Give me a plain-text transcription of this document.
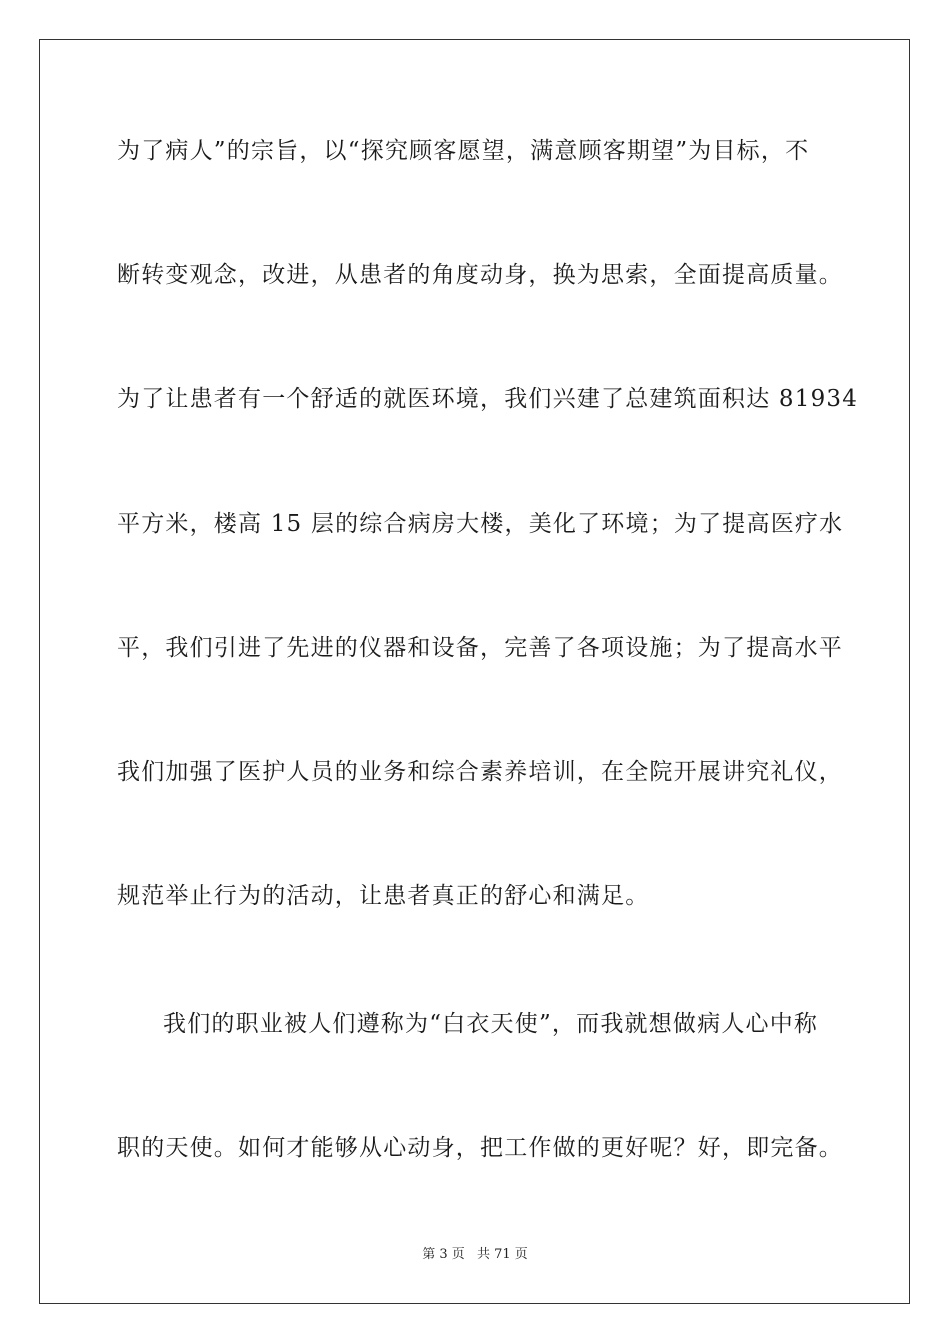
为了病人”的宗旨，以“探究顾客愿望，满意顾客期望”为目标，不
断转变观念，改进，从患者的角度动身，换为思索，全面提高质量。
为了让患者有一个舒适的就医环境，我们兴建了总建筑面积达 81934
平方米，楼高 15 层的综合病房大楼，美化了环境；为了提高医疗水
平，我们引进了先进的仪器和设备，完善了各项设施；为了提高水平
我们加强了医护人员的业务和综合素养培训，在全院开展讲究礼仪，
规范举止行为的活动，让患者真正的舒心和满足。
我们的职业被人们遵称为“白衣天使”，而我就想做病人心中称
职的天使。如何才能够从心动身，把工作做的更好呢？好，即完备。
第 3 页 共 71 页
